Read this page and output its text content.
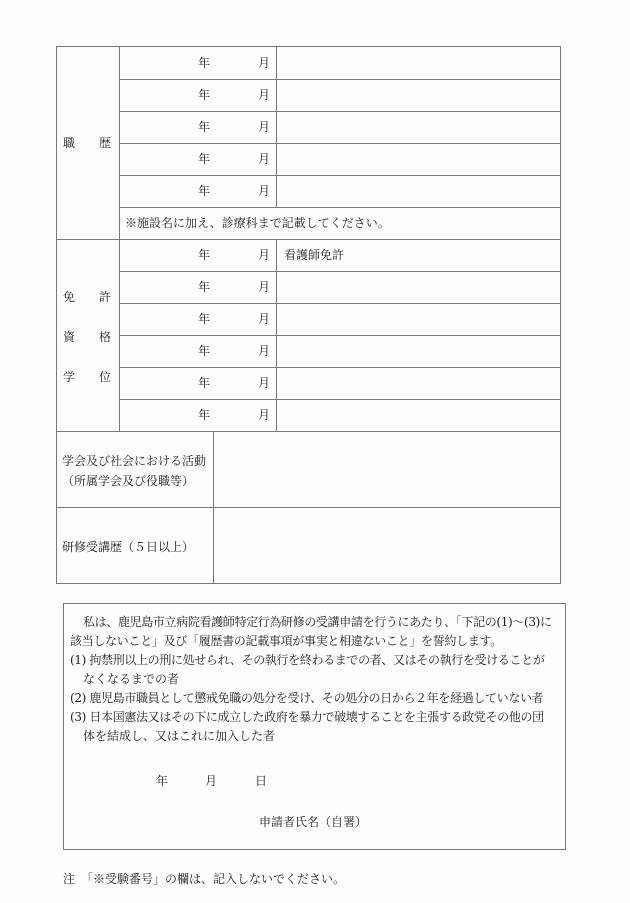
職 歴
年	月
年	月
年	月
年	月
年	月
※施設名に加え、診療科まで記載してください。
免 許
資 格
学 位
年	月 看護師免許
年	月
年	月
年	月
年	月
年	月
学会及び社会における活動
（所属学会及び役職等）
研修受講歴（５日以上）
私は、鹿児島市立病院看護師特定行為研修の受講申請を行うにあたり、「下記の(1)～(3)に
該当しないこと」及び「履歴書の記載事項が事実と相違ないこと」を誓約します。
(1) 拘禁刑以上の刑に処せられ、その執行を終わるまでの者、又はその執行を受けることが
なくなるまでの者
(2) 鹿児島市職員として懲戒免職の処分を受け、その処分の日から２年を経過していない者
(3) 日本国憲法又はその下に成立した政府を暴力で破壊することを主張する政党その他の団
体を結成し、又はこれに加入した者
年	月	日
申請者氏名（自署）
注　「※受験番号」の欄は、記入しないでください。
